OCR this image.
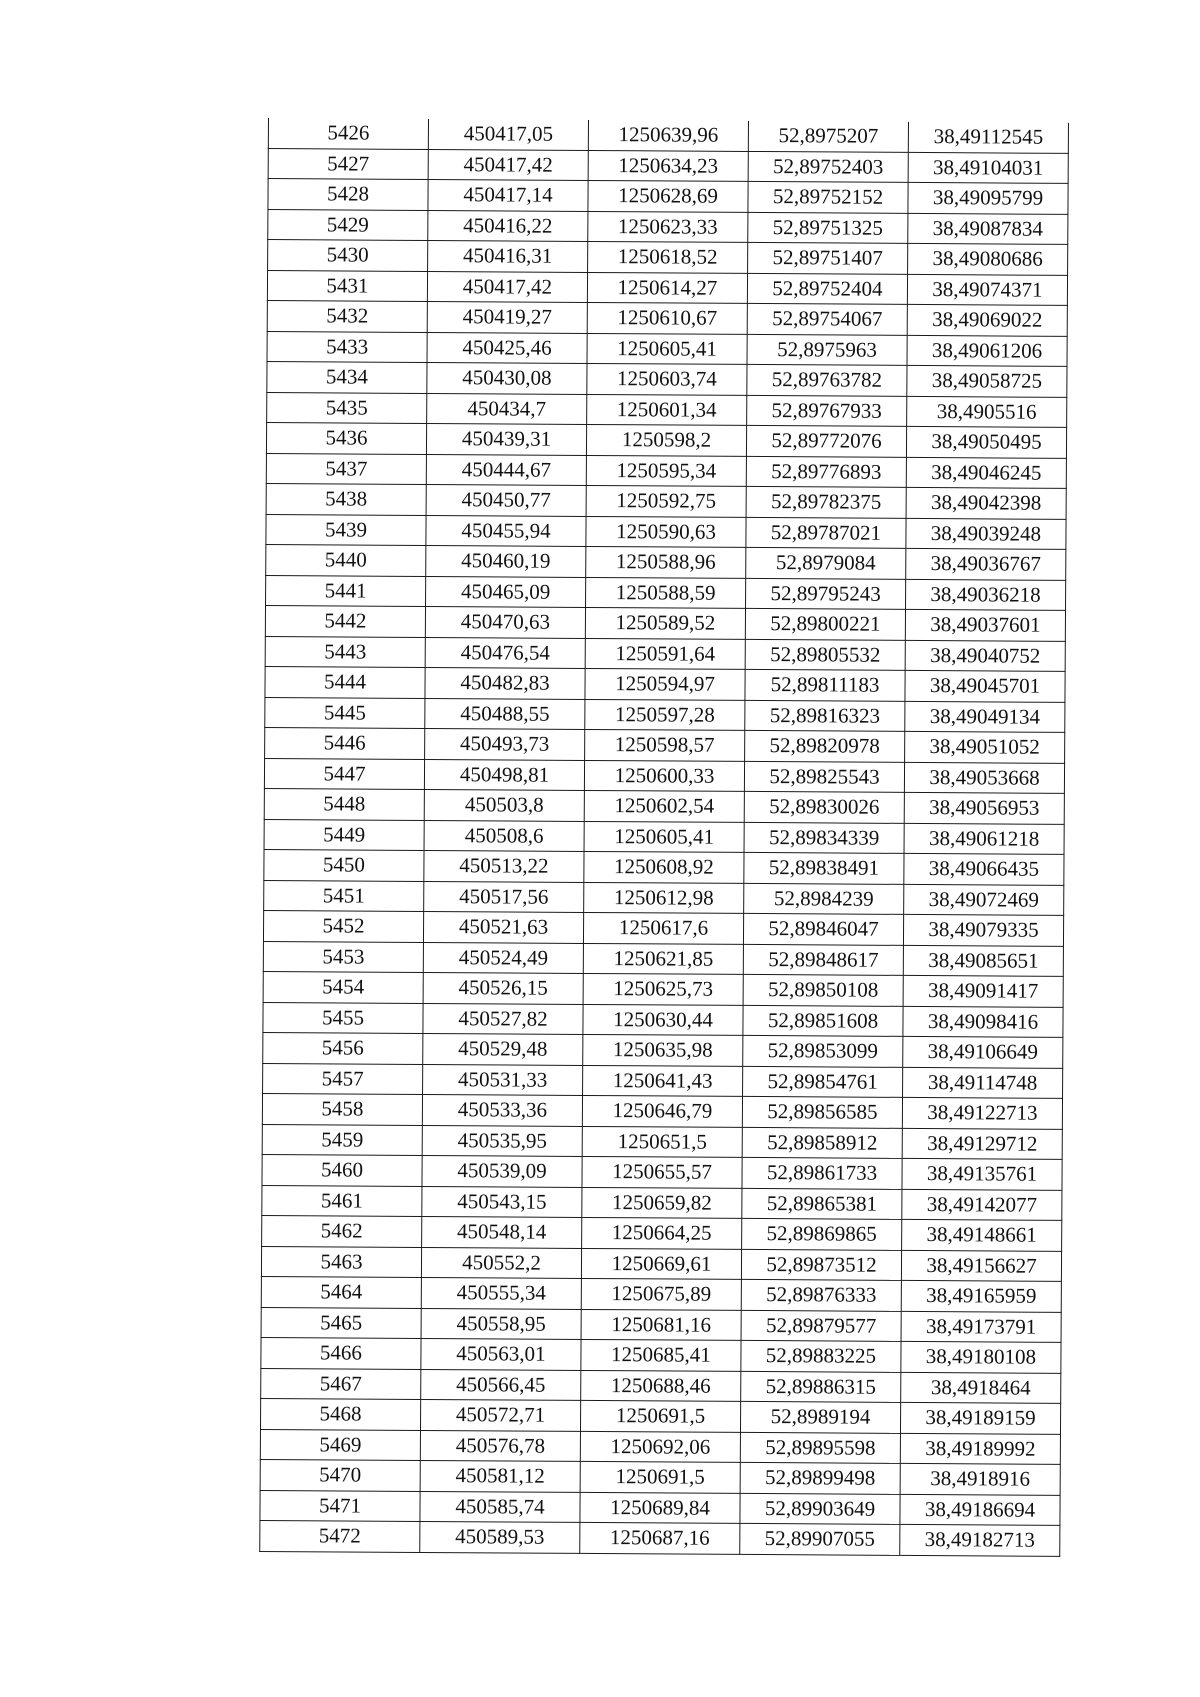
5426	450417,05	1250639,96	52,8975207	38,49112545
5427	450417,42	1250634,23	52,89752403	38,49104031
5428	450417,14	1250628,69	52,89752152	38,49095799
5429	450416,22	1250623,33	52,89751325	38,49087834
5430	450416,31	1250618,52	52,89751407	38,49080686
5431	450417,42	1250614,27	52,89752404	38,49074371
5432	450419,27	1250610,67	52,89754067	38,49069022
5433	450425,46	1250605,41	52,8975963	38,49061206
5434	450430,08	1250603,74	52,89763782	38,49058725
5435	450434,7	1250601,34	52,89767933	38,4905516
5436	450439,31	1250598,2	52,89772076	38,49050495
5437	450444,67	1250595,34	52,89776893	38,49046245
5438	450450,77	1250592,75	52,89782375	38,49042398
5439	450455,94	1250590,63	52,89787021	38,49039248
5440	450460,19	1250588,96	52,8979084	38,49036767
5441	450465,09	1250588,59	52,89795243	38,49036218
5442	450470,63	1250589,52	52,89800221	38,49037601
5443	450476,54	1250591,64	52,89805532	38,49040752
5444	450482,83	1250594,97	52,89811183	38,49045701
5445	450488,55	1250597,28	52,89816323	38,49049134
5446	450493,73	1250598,57	52,89820978	38,49051052
5447	450498,81	1250600,33	52,89825543	38,49053668
5448	450503,8	1250602,54	52,89830026	38,49056953
5449	450508,6	1250605,41	52,89834339	38,49061218
5450	450513,22	1250608,92	52,89838491	38,49066435
5451	450517,56	1250612,98	52,8984239	38,49072469
5452	450521,63	1250617,6	52,89846047	38,49079335
5453	450524,49	1250621,85	52,89848617	38,49085651
5454	450526,15	1250625,73	52,89850108	38,49091417
5455	450527,82	1250630,44	52,89851608	38,49098416
5456	450529,48	1250635,98	52,89853099	38,49106649
5457	450531,33	1250641,43	52,89854761	38,49114748
5458	450533,36	1250646,79	52,89856585	38,49122713
5459	450535,95	1250651,5	52,89858912	38,49129712
5460	450539,09	1250655,57	52,89861733	38,49135761
5461	450543,15	1250659,82	52,89865381	38,49142077
5462	450548,14	1250664,25	52,89869865	38,49148661
5463	450552,2	1250669,61	52,89873512	38,49156627
5464	450555,34	1250675,89	52,89876333	38,49165959
5465	450558,95	1250681,16	52,89879577	38,49173791
5466	450563,01	1250685,41	52,89883225	38,49180108
5467	450566,45	1250688,46	52,89886315	38,4918464
5468	450572,71	1250691,5	52,8989194	38,49189159
5469	450576,78	1250692,06	52,89895598	38,49189992
5470	450581,12	1250691,5	52,89899498	38,4918916
5471	450585,74	1250689,84	52,89903649	38,49186694
5472	450589,53	1250687,16	52,89907055	38,49182713
